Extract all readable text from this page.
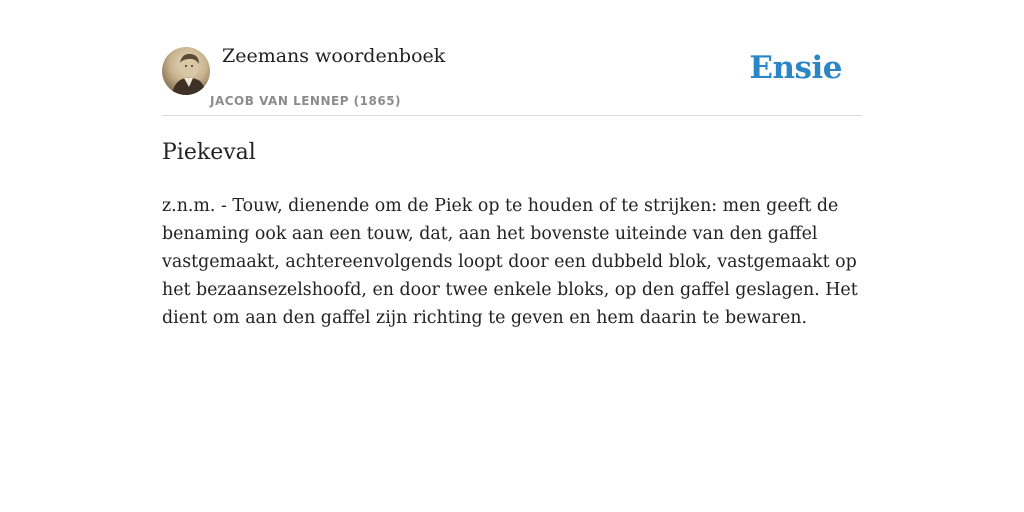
Zeemans woordenboek
JACOB VAN LENNEP (1865)
Ensie
Piekeval

z.n.m. - Touw, dienende om de Piek op te houden of te strijken: men geeft de benaming ook aan een touw, dat, aan het bovenste uiteinde van den gaffel vastgemaakt, achtereenvolgends loopt door een dubbeld blok, vastgemaakt op het bezaansezelshoofd, en door twee enkele bloks, op den gaffel geslagen. Het dient om aan den gaffel zijn richting te geven en hem daarin te bewaren.
